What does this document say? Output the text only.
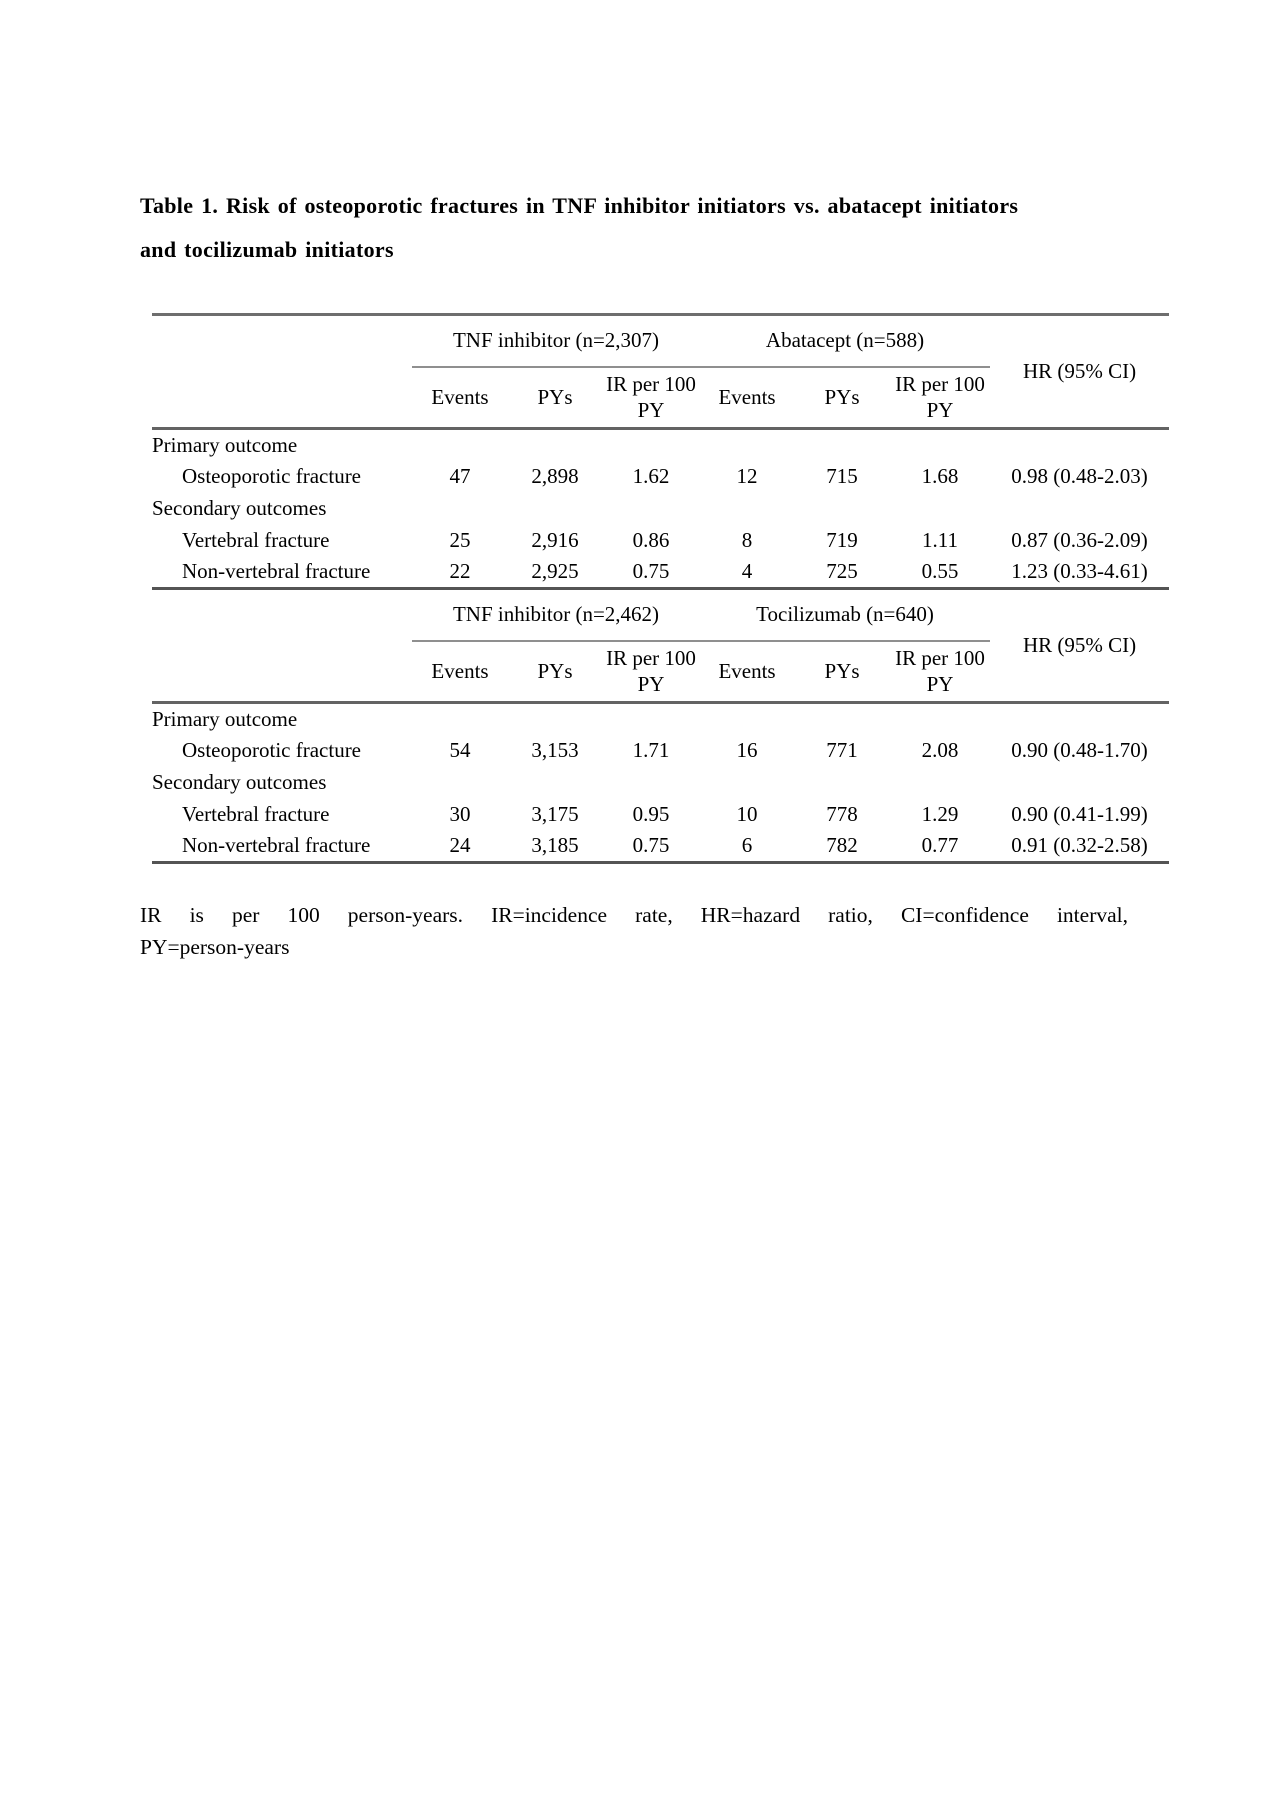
Table 1. Risk of osteoporotic fractures in TNF inhibitor initiators vs. abatacept initiators
and tocilizumab initiators
	TNF inhibitor (n=2,307)			Abatacept (n=588)			HR (95% CI)
	Events	PYs	IR per 100 PY	Events	PYs	IR per 100 PY	
Primary outcome							
Osteoporotic fracture	47	2,898	1.62	12	715	1.68	0.98 (0.48-2.03)
Secondary outcomes							
Vertebral fracture	25	2,916	0.86	8	719	1.11	0.87 (0.36-2.09)
Non-vertebral fracture	22	2,925	0.75	4	725	0.55	1.23 (0.33-4.61)
	TNF inhibitor (n=2,462)			Tocilizumab (n=640)			HR (95% CI)
	Events	PYs	IR per 100 PY	Events	PYs	IR per 100 PY	
Primary outcome							
Osteoporotic fracture	54	3,153	1.71	16	771	2.08	0.90 (0.48-1.70)
Secondary outcomes							
Vertebral fracture	30	3,175	0.95	10	778	1.29	0.90 (0.41-1.99)
Non-vertebral fracture	24	3,185	0.75	6	782	0.77	0.91 (0.32-2.58)
IR is per 100 person-years. IR=incidence rate, HR=hazard ratio, CI=confidence interval,
PY=person-years
